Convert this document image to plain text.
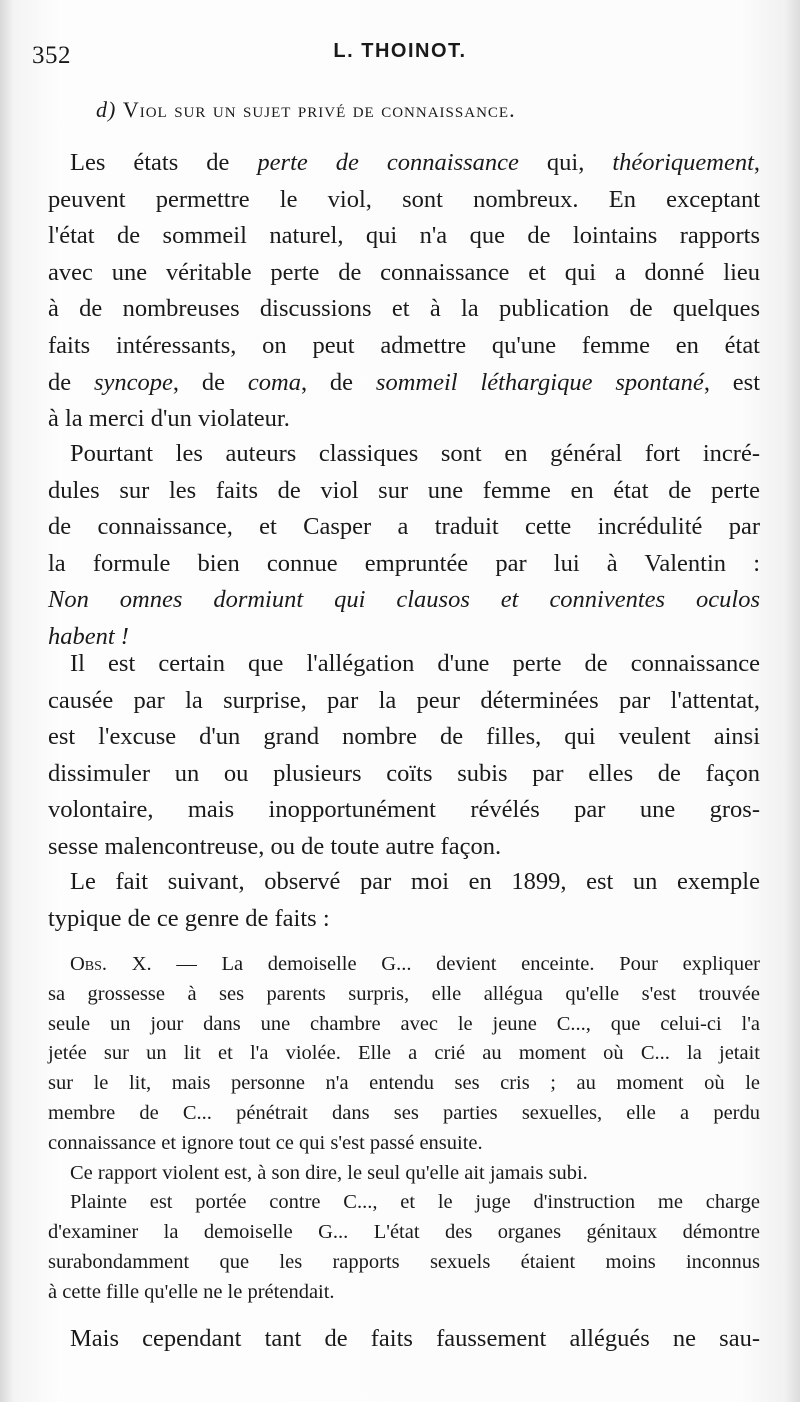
352	L. THOINOT.
d) Viol sur un sujet privé de connaissance.
Les états de perte de connaissance qui, théoriquement,
peuvent permettre le viol, sont nombreux. En exceptant
l'état de sommeil naturel, qui n'a que de lointains rapports
avec une véritable perte de connaissance et qui a donné lieu
à de nombreuses discussions et à la publication de quelques
faits intéressants, on peut admettre qu'une femme en état
de syncope, de coma, de sommeil léthargique spontané, est
à la merci d'un violateur.
Pourtant les auteurs classiques sont en général fort incré-
dules sur les faits de viol sur une femme en état de perte
de connaissance, et Casper a traduit cette incrédulité par
la formule bien connue empruntée par lui à Valentin :
Non omnes dormiunt qui clausos et conniventes oculos
habent !
Il est certain que l'allégation d'une perte de connaissance
causée par la surprise, par la peur déterminées par l'attentat,
est l'excuse d'un grand nombre de filles, qui veulent ainsi
dissimuler un ou plusieurs coïts subis par elles de façon
volontaire, mais inopportunément révélés par une gros-
sesse malencontreuse, ou de toute autre façon.
Le fait suivant, observé par moi en 1899, est un exemple
typique de ce genre de faits :
Obs. X. — La demoiselle G... devient enceinte. Pour expliquer
sa grossesse à ses parents surpris, elle allégua qu'elle s'est trouvée
seule un jour dans une chambre avec le jeune C..., que celui-ci l'a
jetée sur un lit et l'a violée. Elle a crié au moment où C... la jetait
sur le lit, mais personne n'a entendu ses cris ; au moment où le
membre de C... pénétrait dans ses parties sexuelles, elle a perdu
connaissance et ignore tout ce qui s'est passé ensuite.
Ce rapport violent est, à son dire, le seul qu'elle ait jamais subi.
Plainte est portée contre C..., et le juge d'instruction me charge
d'examiner la demoiselle G... L'état des organes génitaux démontre
surabondamment que les rapports sexuels étaient moins inconnus
à cette fille qu'elle ne le prétendait.
Mais cependant tant de faits faussement allégués ne sau-
